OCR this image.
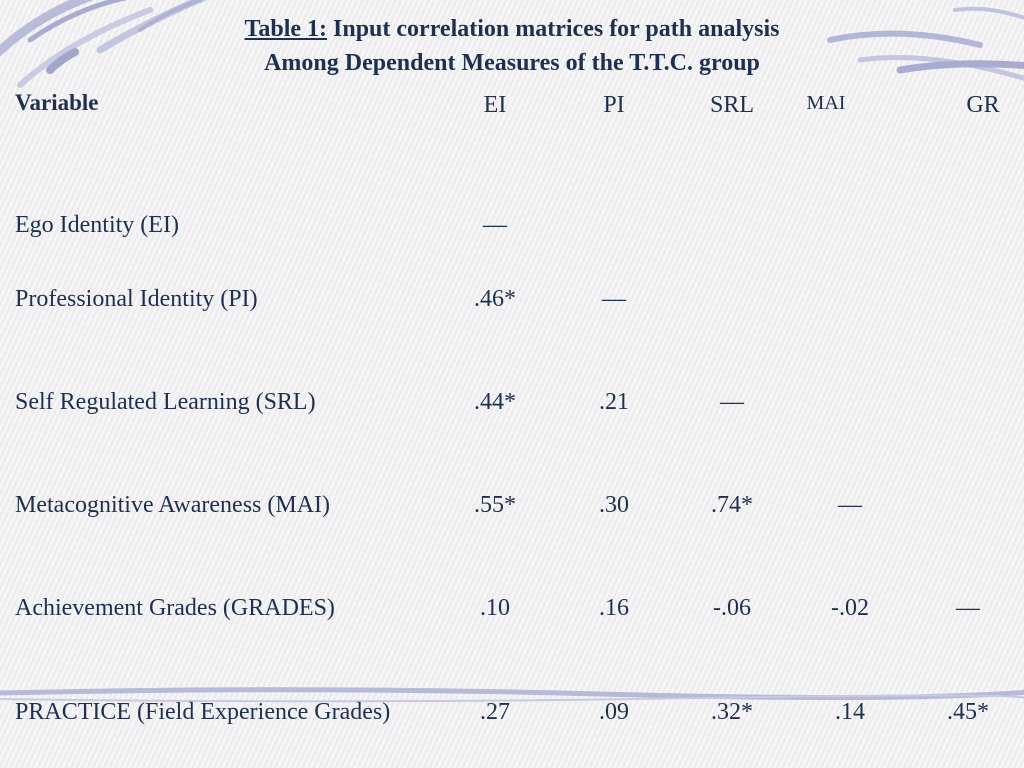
Table 1: Input correlation matrices for path analysis
Among Dependent Measures of the T.T.C. group
Variable	EI	PI	SRL	MAI	GR
Ego Identity (EI)	—
Professional Identity (PI)	.46*	—
Self Regulated Learning (SRL)	.44*	.21	—
Metacognitive Awareness (MAI)	.55*	.30	.74*	—
Achievement Grades (GRADES)	.10	.16	-.06	-.02	—
PRACTICE (Field Experience Grades)	.27	.09	.32*	.14	.45*
